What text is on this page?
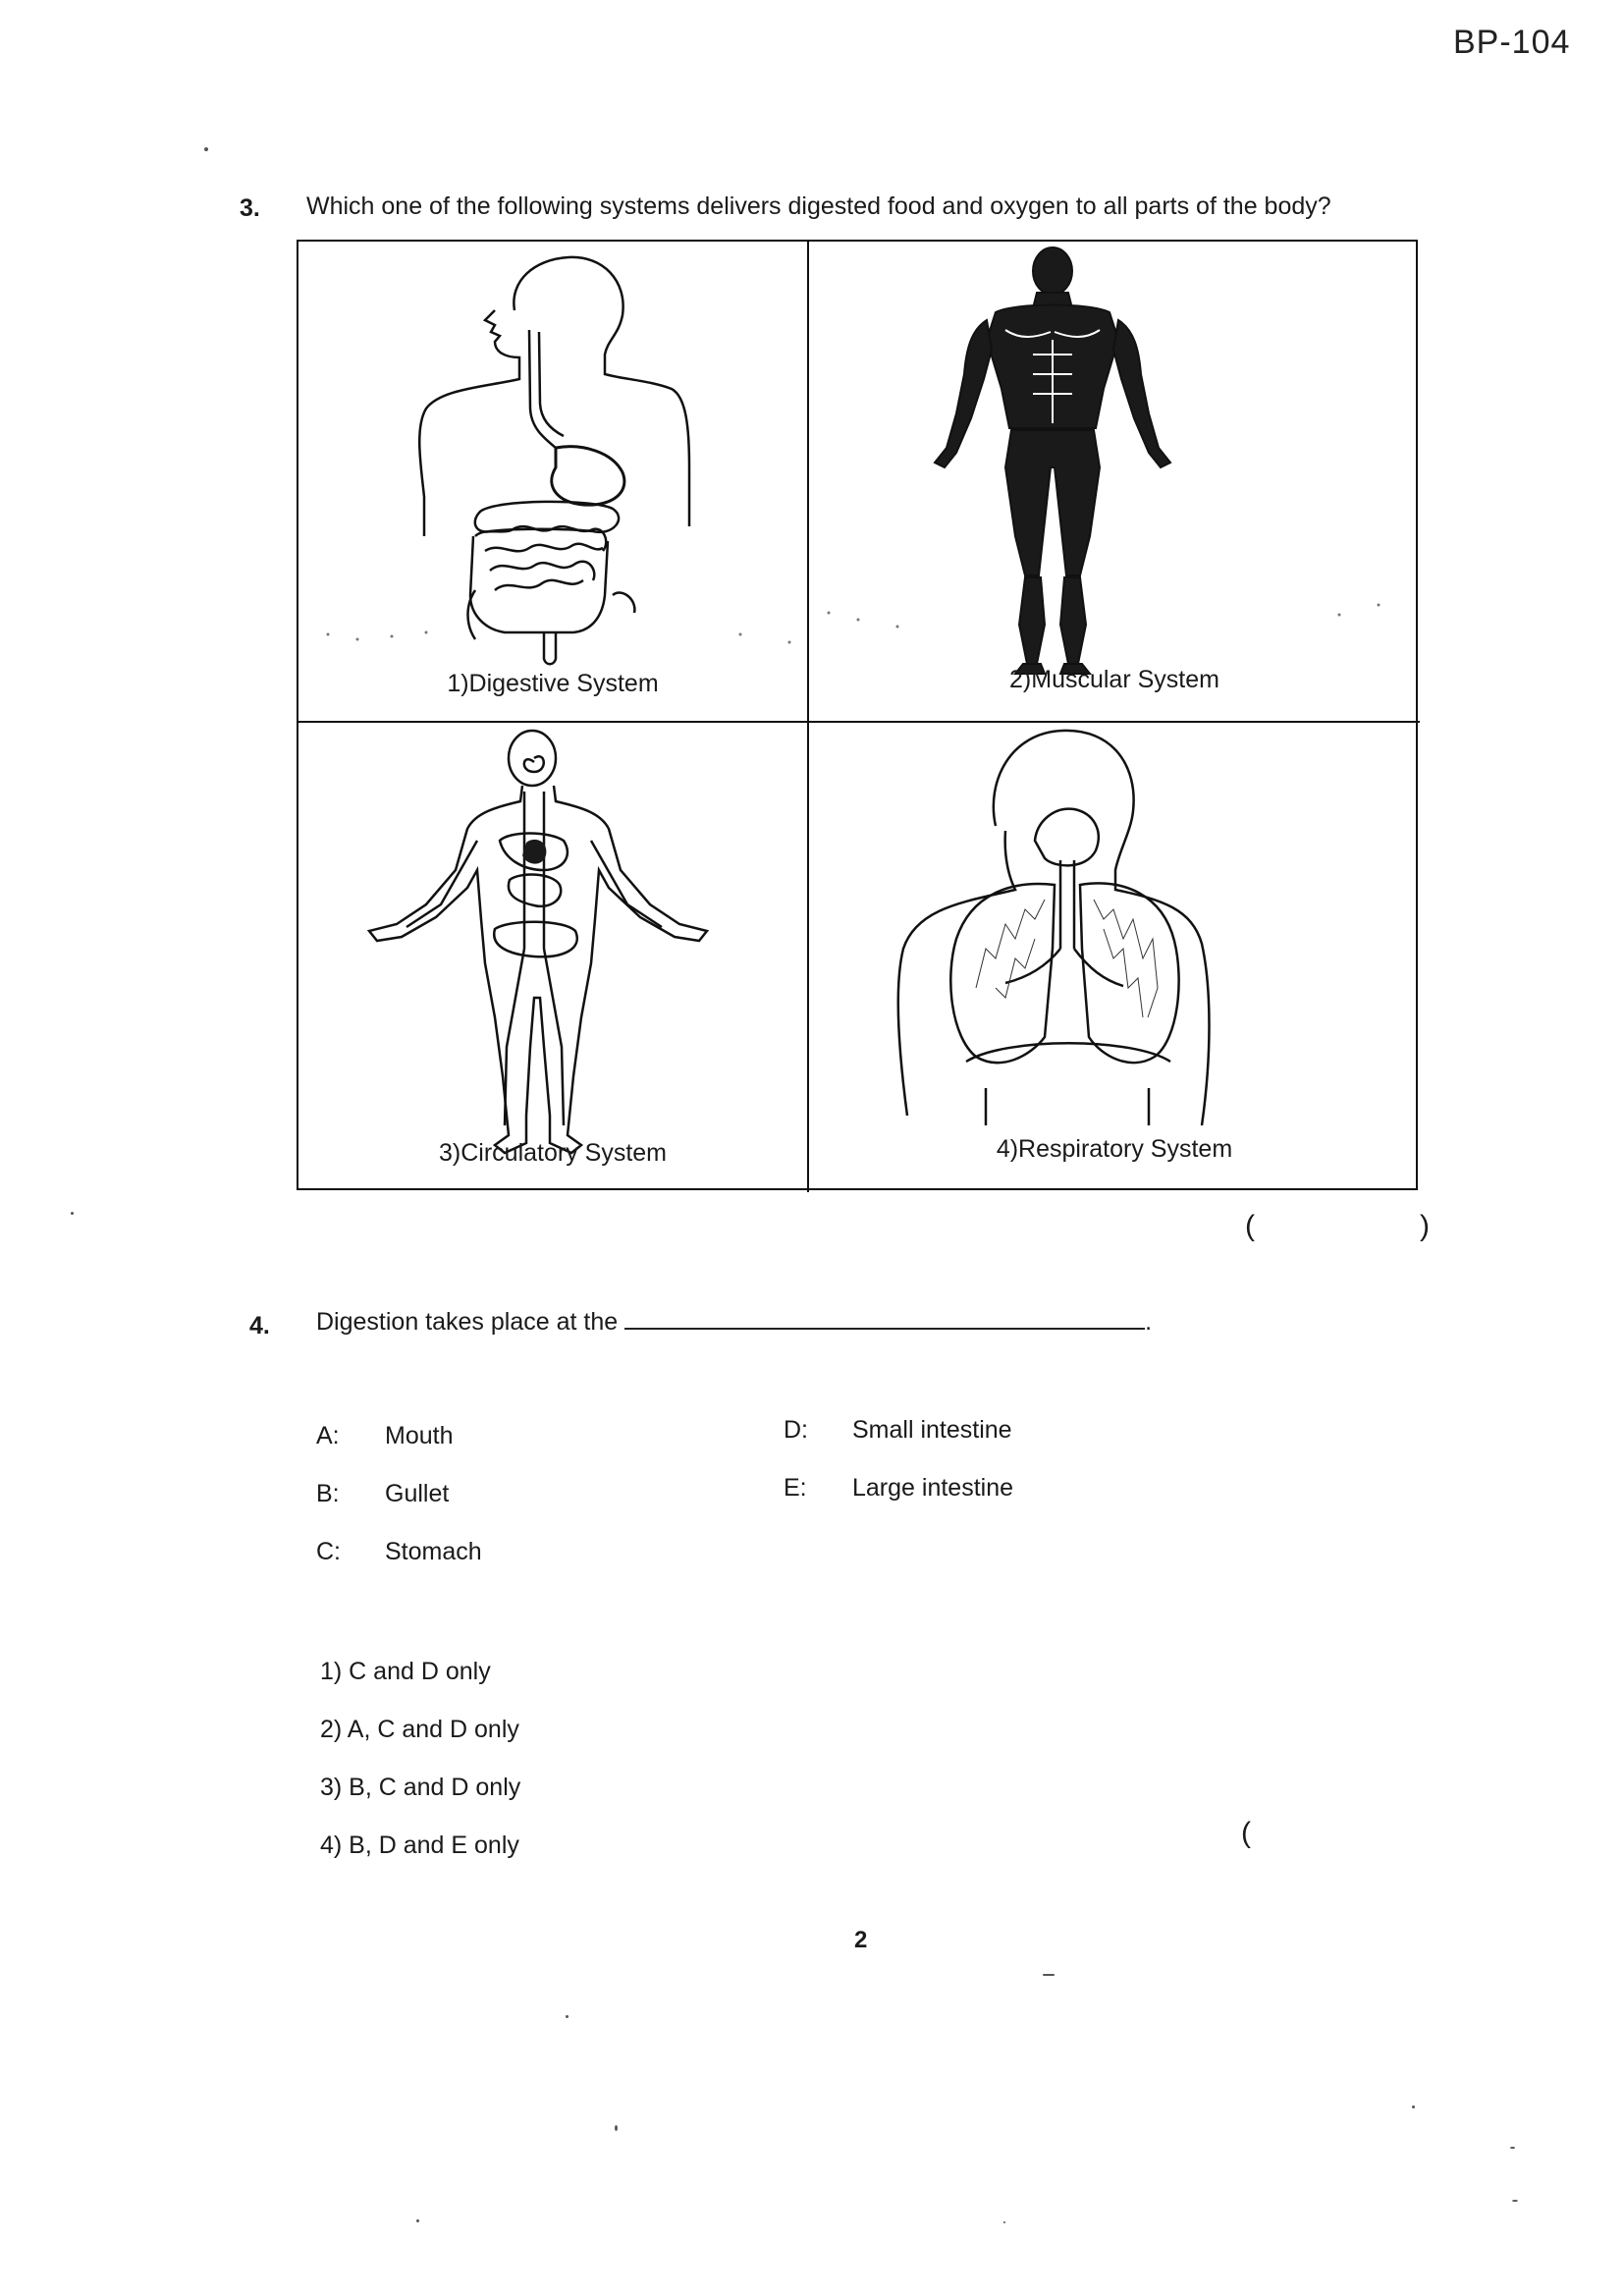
BP-104
3. Which one of the following systems delivers digested food and oxygen to all parts of the body?
1)Digestive System	2)Muscular System
3)Circulatory System	4)Respiratory System
(	)
4. Digestion takes place at the	.
A: Mouth
B: Gullet
C: Stomach
D: Small intestine
E: Large intestine
1) C and D only
2) A, C and D only
3) B, C and D only
4) B, D and E only	(
2
